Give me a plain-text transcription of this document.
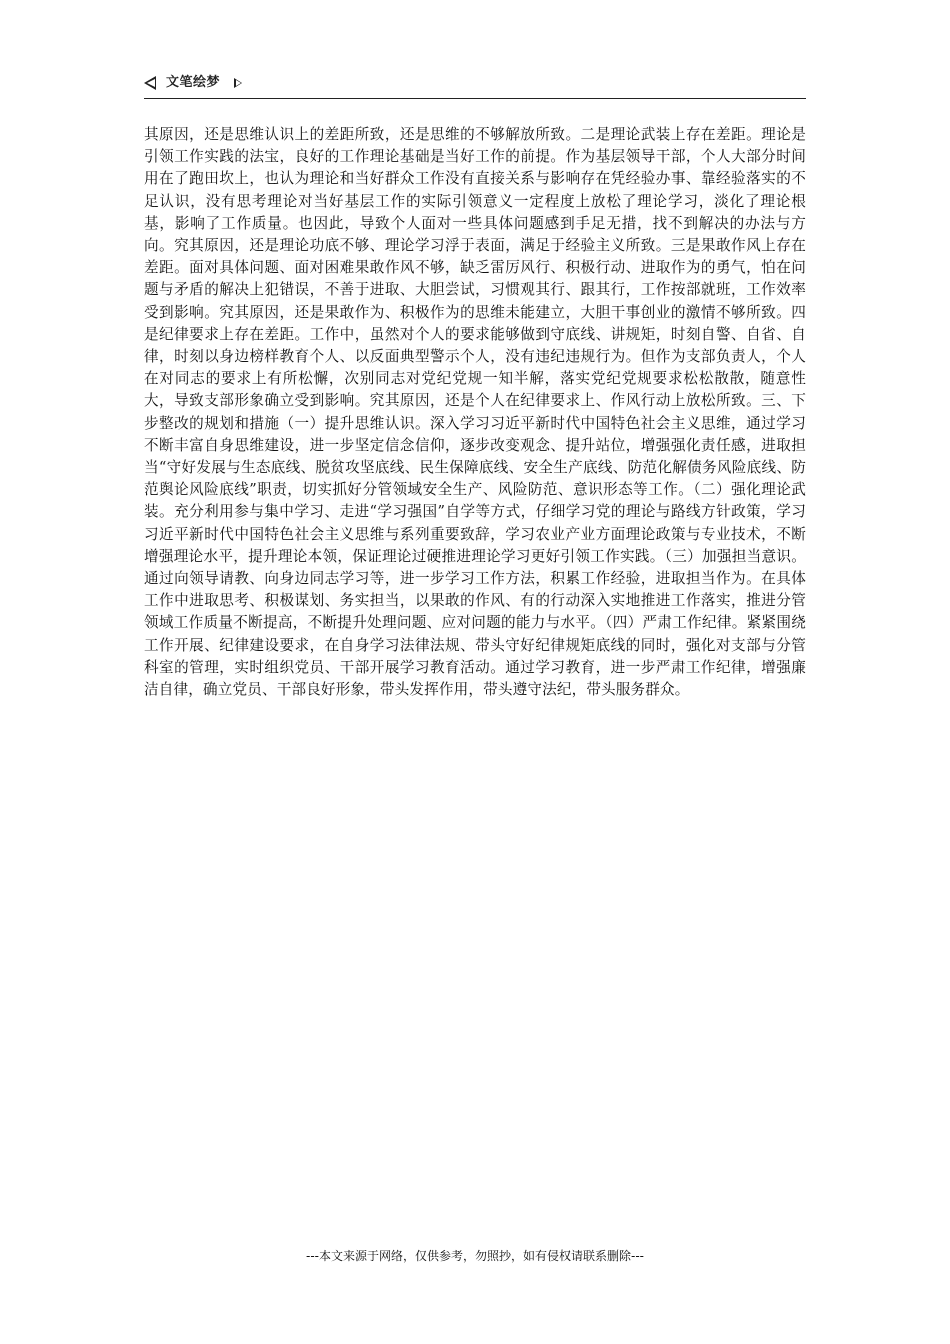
文笔绘梦

其原因，还是思维认识上的差距所致，还是思维的不够解放所致。二是理论武装上存在差距。理论是引领工作实践的法宝，良好的工作理论基础是当好工作的前提。作为基层领导干部，个人大部分时间用在了跑田坎上，也认为理论和当好群众工作没有直接关系与影响存在凭经验办事、靠经验落实的不足认识，没有思考理论对当好基层工作的实际引领意义一定程度上放松了理论学习，淡化了理论根基，影响了工作质量。也因此，导致个人面对一些具体问题感到手足无措，找不到解决的办法与方向。究其原因，还是理论功底不够、理论学习浮于表面，满足于经验主义所致。三是果敢作风上存在差距。面对具体问题、面对困难果敢作风不够，缺乏雷厉风行、积极行动、进取作为的勇气，怕在问题与矛盾的解决上犯错误，不善于进取、大胆尝试，习惯观其行、跟其行，工作按部就班，工作效率受到影响。究其原因，还是果敢作为、积极作为的思维未能建立，大胆干事创业的激情不够所致。四是纪律要求上存在差距。工作中，虽然对个人的要求能够做到守底线、讲规矩，时刻自警、自省、自律，时刻以身边榜样教育个人、以反面典型警示个人，没有违纪违规行为。但作为支部负责人，个人在对同志的要求上有所松懈，次别同志对党纪党规一知半解，落实党纪党规要求松松散散，随意性大，导致支部形象确立受到影响。究其原因，还是个人在纪律要求上、作风行动上放松所致。三、下步整改的规划和措施（一）提升思维认识。深入学习习近平新时代中国特色社会主义思维，通过学习不断丰富自身思维建设，进一步坚定信念信仰，逐步改变观念、提升站位，增强强化责任感，进取担当“守好发展与生态底线、脱贫攻坚底线、民生保障底线、安全生产底线、防范化解债务风险底线、防范舆论风险底线”职责，切实抓好分管领域安全生产、风险防范、意识形态等工作。（二）强化理论武装。充分利用参与集中学习、走进“学习强国”自学等方式，仔细学习党的理论与路线方针政策，学习习近平新时代中国特色社会主义思维与系列重要致辞，学习农业产业方面理论政策与专业技术，不断增强理论水平，提升理论本领，保证理论过硬推进理论学习更好引领工作实践。（三）加强担当意识。通过向领导请教、向身边同志学习等，进一步学习工作方法，积累工作经验，进取担当作为。在具体工作中进取思考、积极谋划、务实担当，以果敢的作风、有的行动深入实地推进工作落实，推进分管领域工作质量不断提高，不断提升处理问题、应对问题的能力与水平。（四）严肃工作纪律。紧紧围绕工作开展、纪律建设要求，在自身学习法律法规、带头守好纪律规矩底线的同时，强化对支部与分管科室的管理，实时组织党员、干部开展学习教育活动。通过学习教育，进一步严肃工作纪律，增强廉洁自律，确立党员、干部良好形象，带头发挥作用，带头遵守法纪，带头服务群众。

---本文来源于网络，仅供参考，勿照抄，如有侵权请联系删除---
